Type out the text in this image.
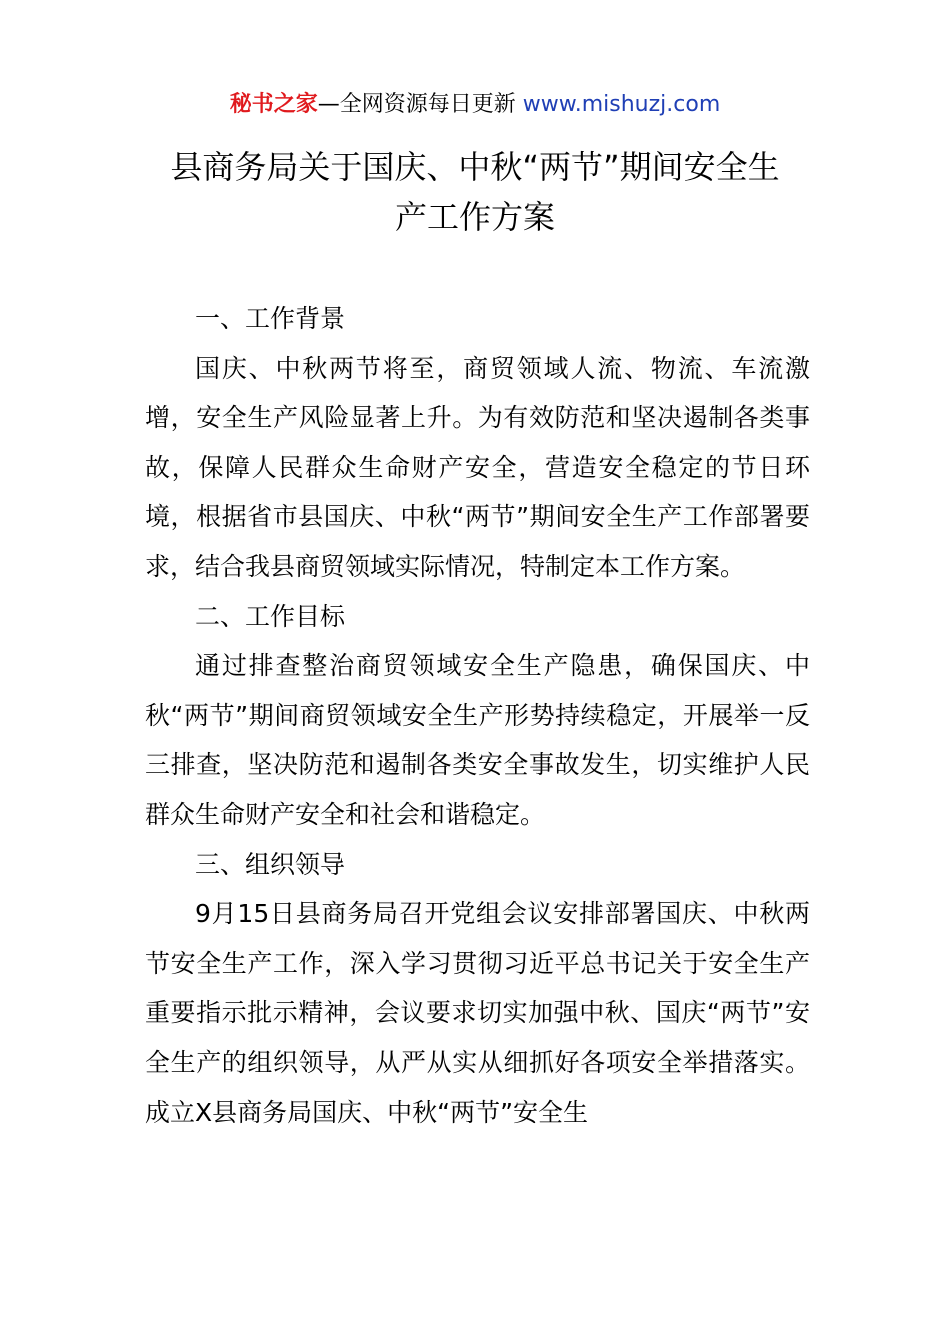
秘书之家—全网资源每日更新 www.mishuzj.com
县商务局关于国庆、中秋“两节”期间安全生
产工作方案

一、工作背景

国庆、中秋两节将至，商贸领域人流、物流、车流激增，安全生产风险显著上升。为有效防范和坚决遏制各类事故，保障人民群众生命财产安全，营造安全稳定的节日环境，根据省市县国庆、中秋“两节”期间安全生产工作部署要求，结合我县商贸领域实际情况，特制定本工作方案。

二、工作目标

通过排查整治商贸领域安全生产隐患，确保国庆、中秋“两节”期间商贸领域安全生产形势持续稳定，开展举一反三排查，坚决防范和遏制各类安全事故发生，切实维护人民群众生命财产安全和社会和谐稳定。

三、组织领导

9月15日县商务局召开党组会议安排部署国庆、中秋两节安全生产工作，深入学习贯彻习近平总书记关于安全生产重要指示批示精神，会议要求切实加强中秋、国庆“两节”安全生产的组织领导，从严从实从细抓好各项安全举措落实。成立X县商务局国庆、中秋“两节”安全生
